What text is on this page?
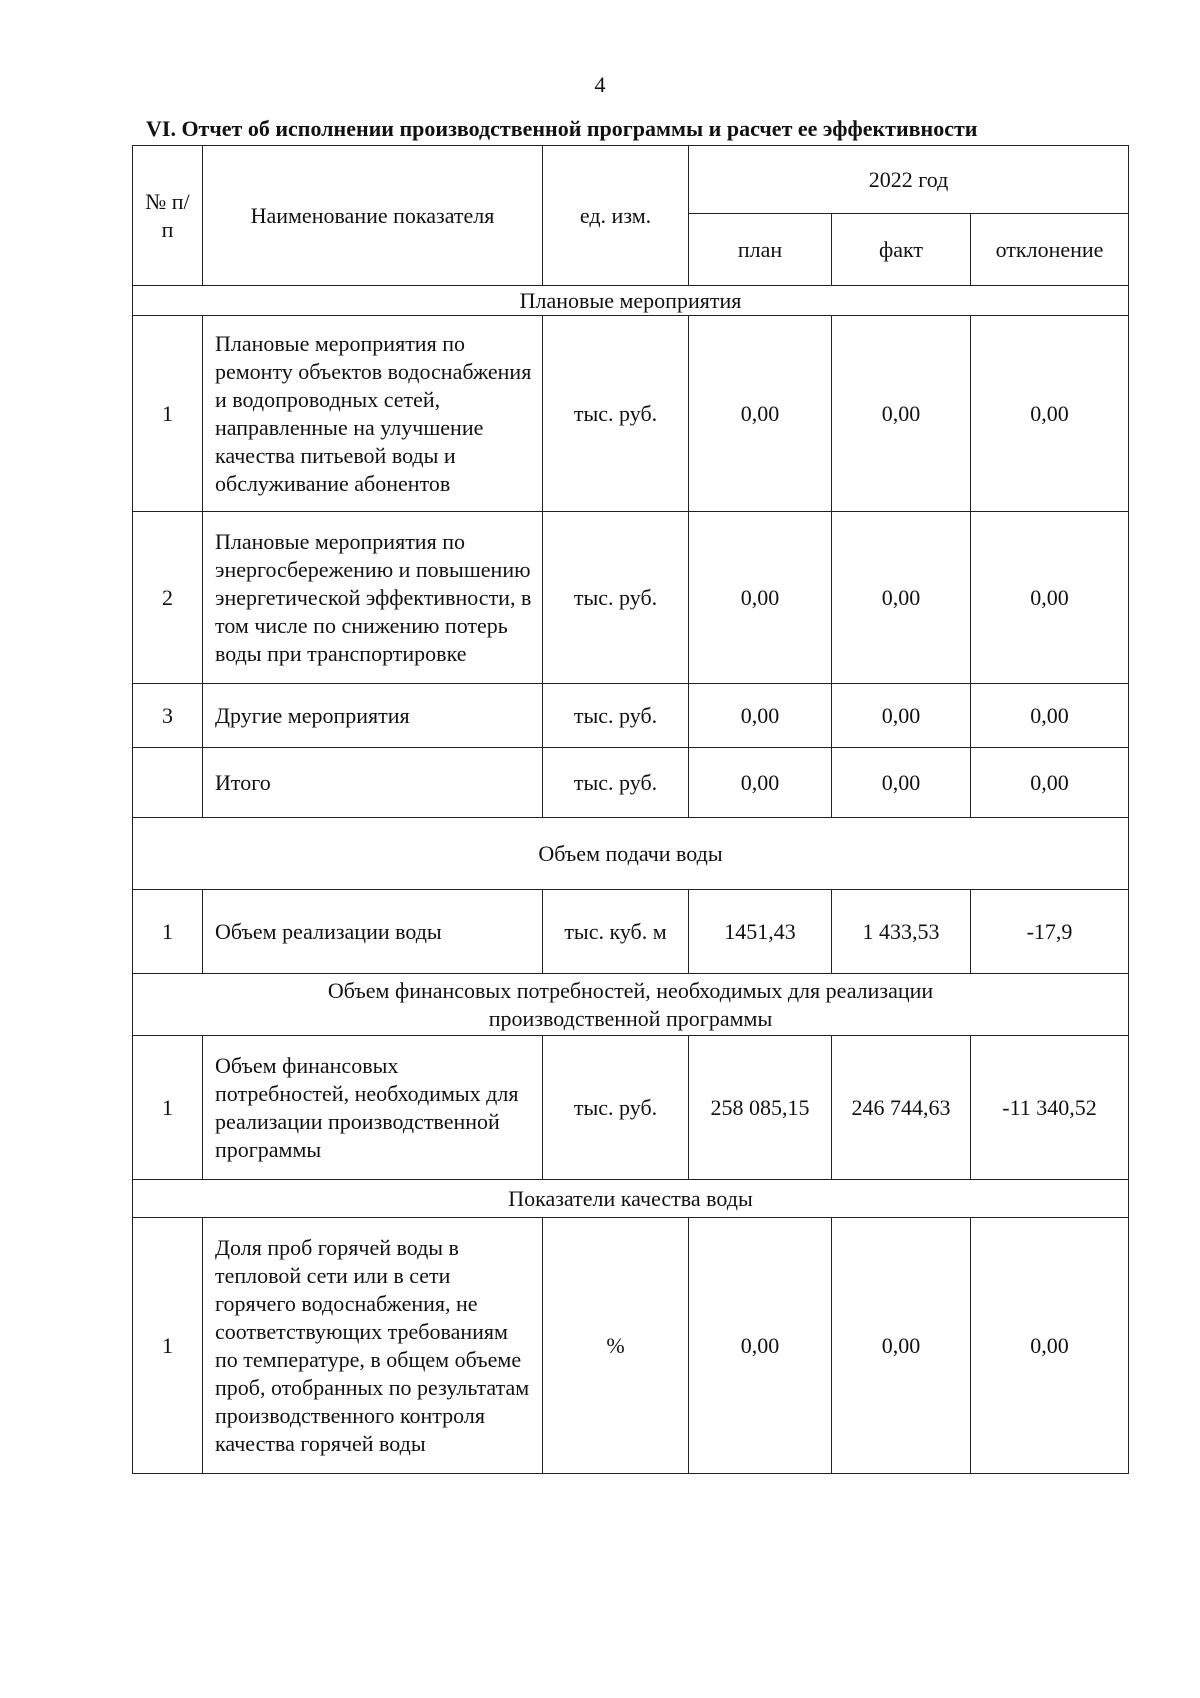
4
VI. Отчет об исполнении производственной программы и расчет ее эффективности
№ п/п	Наименование показателя	ед. изм.	2022 год		
			план	факт	отклонение
Плановые мероприятия					
1	Плановые мероприятия по ремонту объектов водоснабжения и водопроводных сетей, направленные на улучшение качества питьевой воды и обслуживание абонентов	тыс. руб.	0,00	0,00	0,00
2	Плановые мероприятия по энергосбережению и повышению энергетической эффективности, в том числе по снижению потерь воды при транспортировке	тыс. руб.	0,00	0,00	0,00
3	Другие мероприятия	тыс. руб.	0,00	0,00	0,00
	Итого	тыс. руб.	0,00	0,00	0,00
Объем подачи воды					
1	Объем реализации воды	тыс. куб. м	1451,43	1 433,53	-17,9
Объем финансовых потребностей, необходимых для реализации производственной программы					
1	Объем финансовых потребностей, необходимых для реализации производственной программы	тыс. руб.	258 085,15	246 744,63	-11 340,52
Показатели качества воды					
1	Доля проб горячей воды в тепловой сети или в сети горячего водоснабжения, не соответствующих требованиям по температуре, в общем объеме проб, отобранных по результатам производственного контроля качества горячей воды	%	0,00	0,00	0,00
